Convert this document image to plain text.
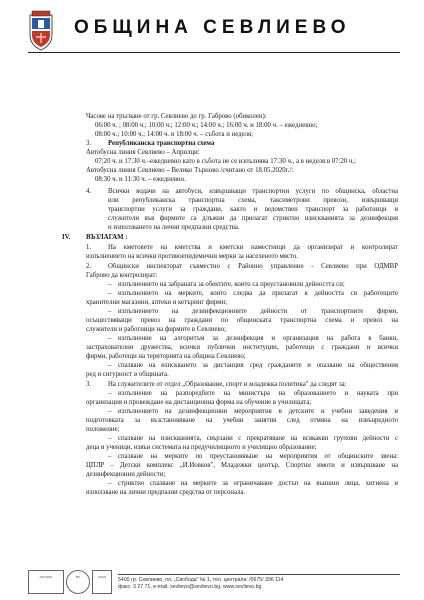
ОБЩИНА СЕВЛИЕВО
Часове на тръгване от гр. Севлиево до гр. Габрово (обиколен):
06:00 ч. ; 08:00 ч.; 10:00 ч.; 12:00 ч.; 14:00 ч.; 16:00 ч. и 18:00 ч. – ежедневно;
08:00 ч.; 10:00 ч.; 14:00 ч. и 18:00 ч. – събота и неделя;
3. Републиканска транспортна схема
Автобусна линия Севлиево – Априлци:
07:20 ч. и 17:30 ч.–ежедневно като в събота не се изпълнява 17:30 ч., а в неделя в 07:20 ч.;
Автобусна линия Севлиево – Велико Търново /считано от 18.05.2020г./:
08:30 ч. и 11:30 ч. – ежедневно.
4. Всички водачи на автобуси, извършващи транспортни услуги по общинска, областна
или републиканска транспортна схема, таксиметрови превози, извършващи
транспортни услуги за граждани, както и ведомствен транспорт за работници и
служители във фирмите са длъжни да прилагат стриктно изискванията за дезинфекция
и използването на лични предпазни средства.
IV. ВЪЗЛАГАМ :
1. На кметовете на кметства и кметски наместници да организират и контролират
изпълнението на всички противоепидемични мерки за населеното място.
2. Общински инспекторат съвместно с Районно управление - Севлиево при ОДМВР
Габрово да контролират:
– изпълнението на забраната за обектите, които са преустановили дейността си;
– изпълнението на мерките, които следва да прилагат в дейността си работещите
хранителни магазини, аптеки и кетъринг фирми;
– изпълнението на дезинфекционните дейности от транспортните фирми,
осъществяващи превоз на граждани по общинската транспортна схема и превоз на
служители и работници на фирмите в Севлиево;
– изпълнение на алгоритъм за дезинфекция и организация на работа в банки,
застрахователни дружества, всички публични институции, работещи с граждани и всички
фирми, работещи на територията на община Севлиево;
– спазване на изискването за дистанция сред гражданите и опазване на обществения
ред и сигурност в общината.
3. На служителите от отдел „Образование, спорт и младежка политика" да следят за:
– изпълнение на разпоредбите на министъра на образованието и науката при
организация и провеждане на дистанционна форма на обучение в училищата;
– изпълнението на дезинфекционни мероприятия в детските и учебни заведения и
подготовката за възстановяване на учебни занятия след отмяна на извънредното
положение;
– спазване на изискванията, свързани с прекратяване на всякакви групови дейности с
деца и ученици, извън системата на предучилищното и училищно образование;
– спазване на мерките по преустановяване на мероприятия от общинските звена:
ЦПЛР – Детски комплекс „Й.Йовков", Младежки център, Спортни имоти и извършване на
дезинфекционни дейности;
– стриктно спазване на мерките за ограничаване достъп на външни лица, хигиена и
използване на лични предпазни средства от персонала.
ISO 9001	BV	UKAS	5400 гр. Севлиево, пл. „Свобода" № 1, тел. централа: /0675/ 396 114
факс: 3 27 71, e-mail: sevlievo@sevlievo.bg, www.sevlievo.bg
